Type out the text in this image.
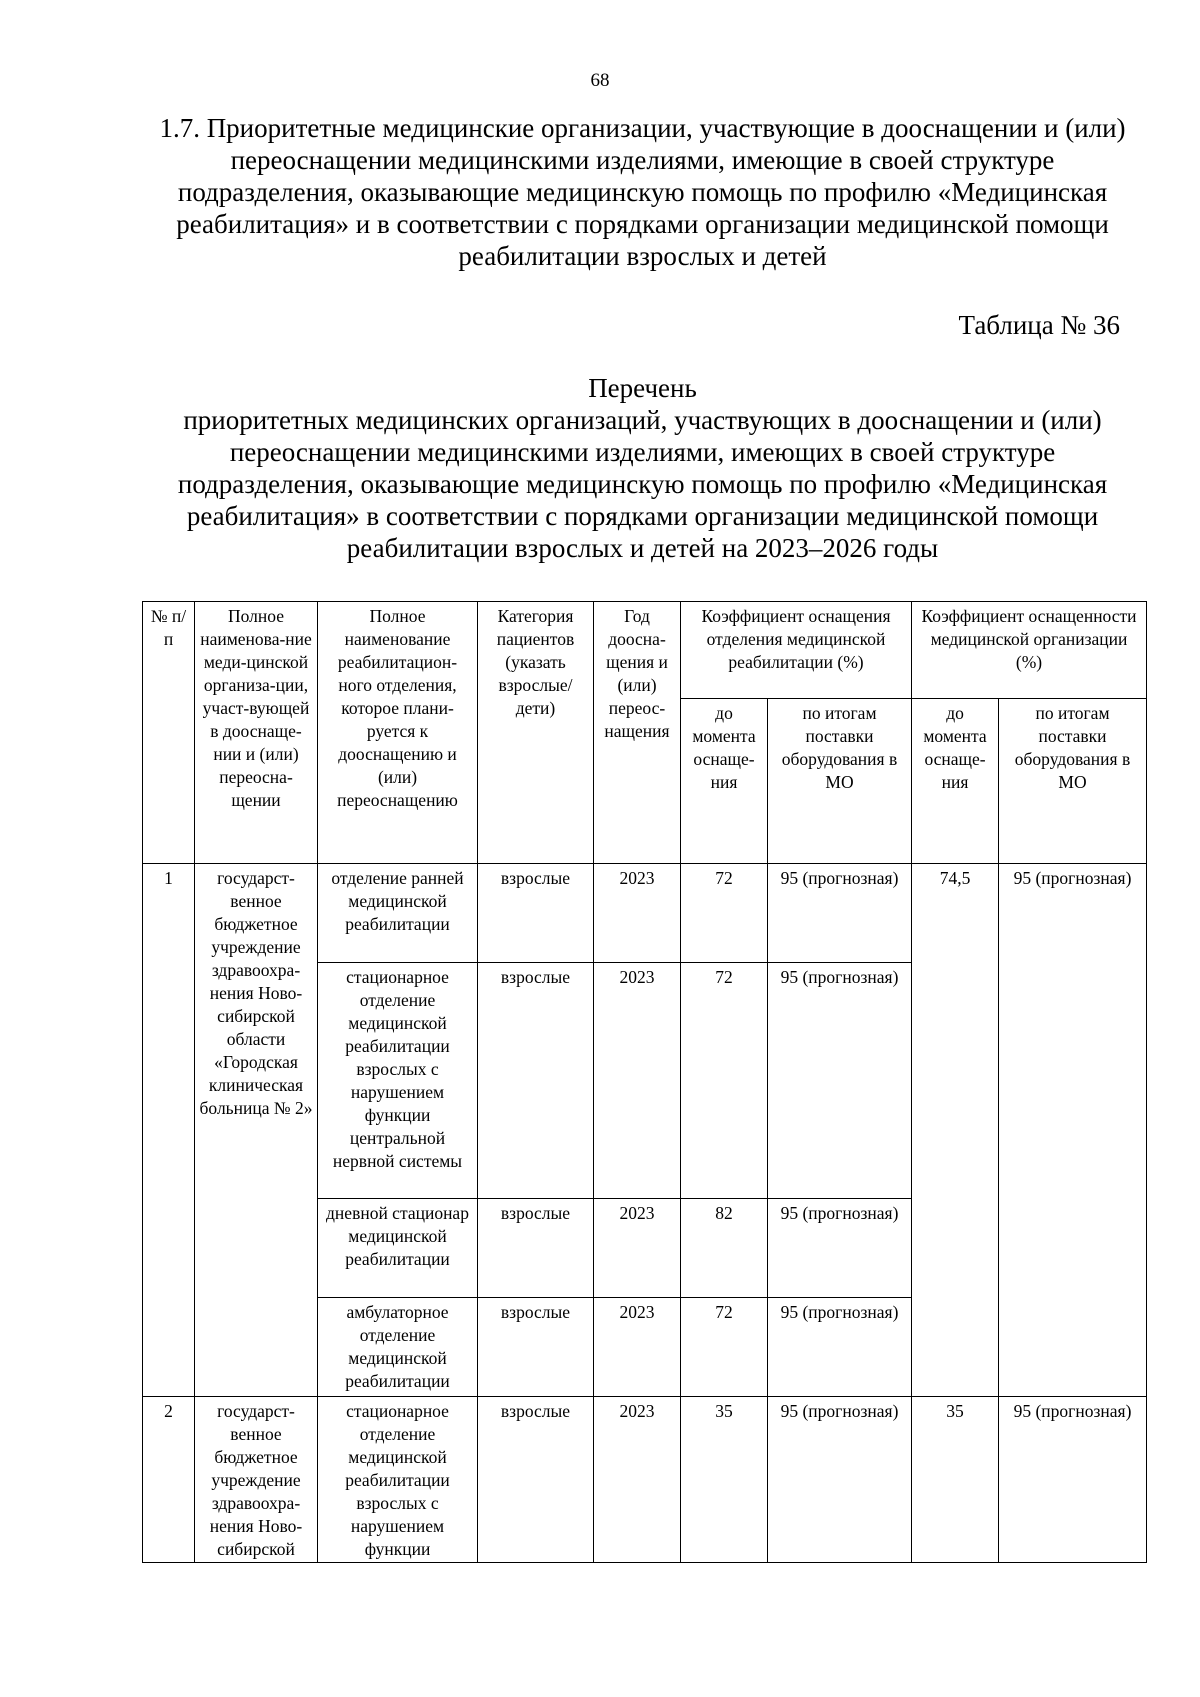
68
1.7. Приоритетные медицинские организации, участвующие в дооснащении и (или) переоснащении медицинскими изделиями, имеющие в своей структуре подразделения, оказывающие медицинскую помощь по профилю «Медицинская реабилитация» и в соответствии с порядками организации медицинской помощи реабилитации взрослых и детей
Таблица № 36
Перечень
приоритетных медицинских организаций, участвующих в дооснащении и (или) переоснащении медицинскими изделиями, имеющих в своей структуре подразделения, оказывающие медицинскую помощь по профилю «Медицинская реабилитация» в соответствии с порядками организации медицинской помощи реабилитации взрослых и детей на 2023–2026 годы
№ п/п	Полное наименова-ние меди-цинской организа-ции, участ-вующей в дооснаще-нии и (или) переосна-щении	Полное наименование реабилитацион-ного отделения, которое плани-руется к дооснащению и (или) переоснащению	Категория пациентов (указать взрослые/ дети)	Год доосна-щения и (или) переос-нащения	Коэффициент оснащения отделения медицинской реабилитации (%)		Коэффициент оснащенности медицинской организации (%)	
					до момента оснаще-ния	по итогам поставки оборудования в МО	до момента оснаще-ния	по итогам поставки оборудования в МО
1	государст-венное бюджетное учреждение здравоохра-нения Ново-сибирской области «Городская клиническая больница № 2»	отделение ранней медицинской реабилитации	взрослые	2023	72	95 (прогнозная)	74,5	95 (прогнозная)
		стационарное отделение медицинской реабилитации взрослых с нарушением функции центральной нервной системы	взрослые	2023	72	95 (прогнозная)		
		дневной стационар медицинской реабилитации	взрослые	2023	82	95 (прогнозная)		
		амбулаторное отделение медицинской реабилитации	взрослые	2023	72	95 (прогнозная)		
2	государст-венное бюджетное учреждение здравоохра-нения Ново-сибирской	стационарное отделение медицинской реабилитации взрослых с нарушением функции	взрослые	2023	35	95 (прогнозная)	35	95 (прогнозная)
